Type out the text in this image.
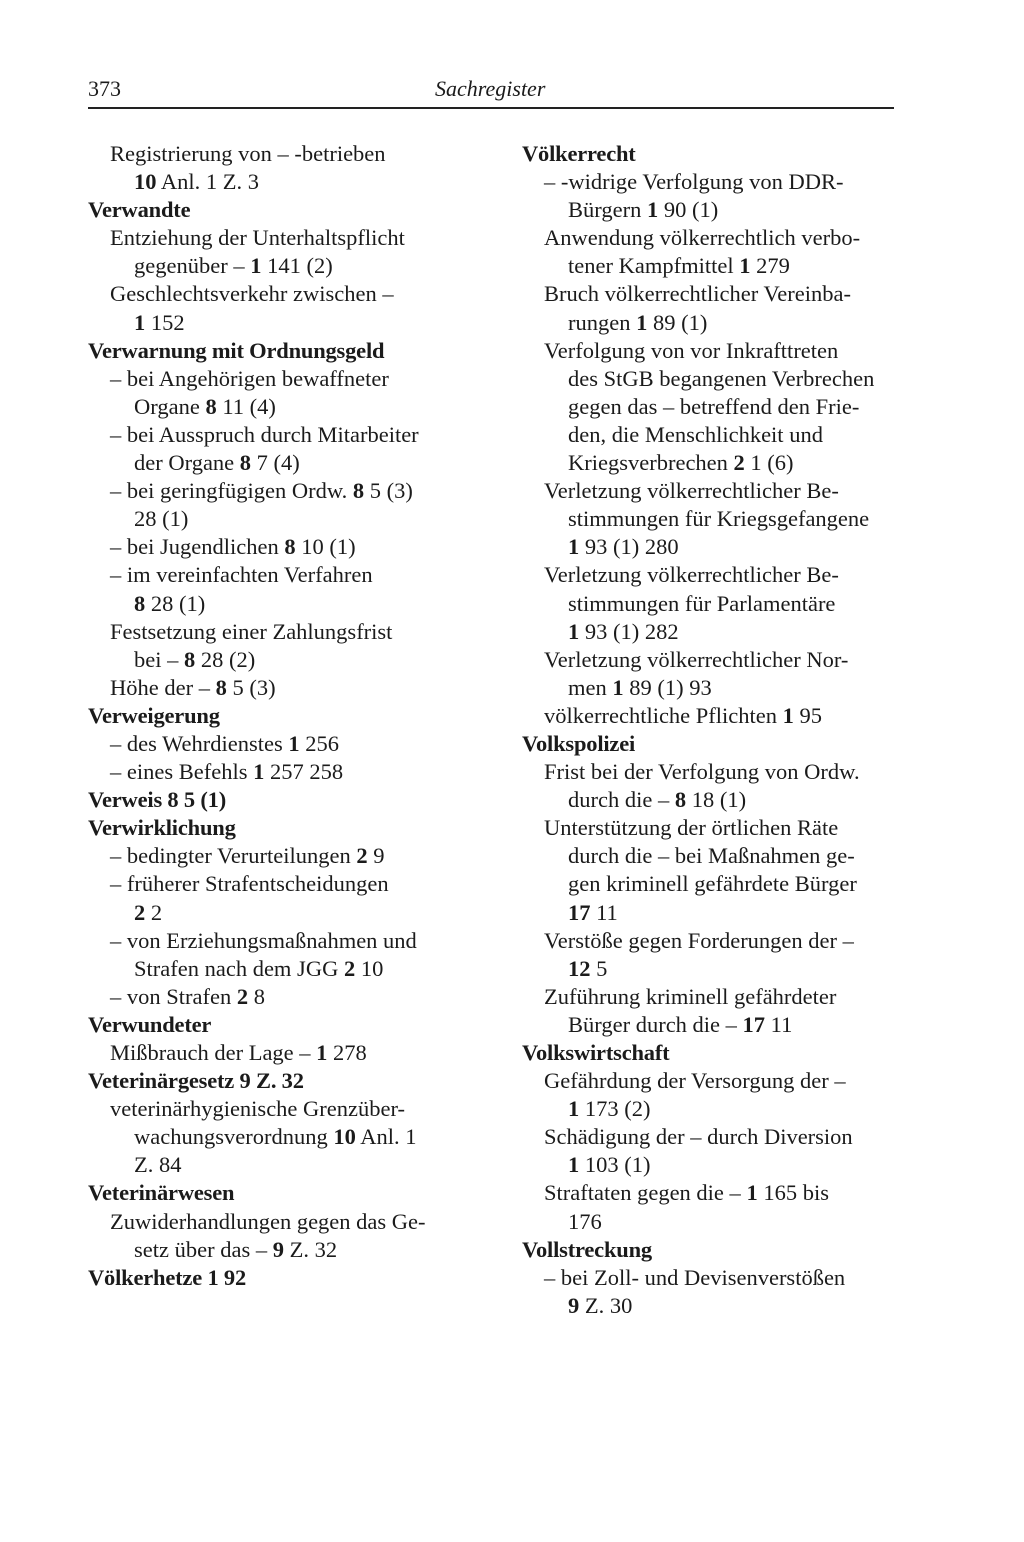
373	Sachregister
Registrierung von – -betrieben
10 Anl. 1 Z. 3
Verwandte
Entziehung der Unterhaltspflicht
gegenüber – 1 141 (2)
Geschlechtsverkehr zwischen –
1 152
Verwarnung mit Ordnungsgeld
– bei Angehörigen bewaffneter
Organe 8 11 (4)
– bei Ausspruch durch Mitarbeiter
der Organe 8 7 (4)
– bei geringfügigen Ordw. 8 5 (3)
28 (1)
– bei Jugendlichen 8 10 (1)
– im vereinfachten Verfahren
8 28 (1)
Festsetzung einer Zahlungsfrist
bei – 8 28 (2)
Höhe der – 8 5 (3)
Verweigerung
– des Wehrdienstes 1 256
– eines Befehls 1 257 258
Verweis 8 5 (1)
Verwirklichung
– bedingter Verurteilungen 2 9
– früherer Strafentscheidungen
2 2
– von Erziehungsmaßnahmen und
Strafen nach dem JGG 2 10
– von Strafen 2 8
Verwundeter
Mißbrauch der Lage – 1 278
Veterinärgesetz 9 Z. 32
veterinärhygienische Grenzüber-
wachungsverordnung 10 Anl. 1
Z. 84
Veterinärwesen
Zuwiderhandlungen gegen das Ge-
setz über das – 9 Z. 32
Völkerhetze 1 92
Völkerrecht
– -widrige Verfolgung von DDR-
Bürgern 1 90 (1)
Anwendung völkerrechtlich verbo-
tener Kampfmittel 1 279
Bruch völkerrechtlicher Vereinba-
rungen 1 89 (1)
Verfolgung von vor Inkrafttreten
des StGB begangenen Verbrechen
gegen das – betreffend den Frie-
den, die Menschlichkeit und
Kriegsverbrechen 2 1 (6)
Verletzung völkerrechtlicher Be-
stimmungen für Kriegsgefangene
1 93 (1) 280
Verletzung völkerrechtlicher Be-
stimmungen für Parlamentäre
1 93 (1) 282
Verletzung völkerrechtlicher Nor-
men 1 89 (1) 93
völkerrechtliche Pflichten 1 95
Volkspolizei
Frist bei der Verfolgung von Ordw.
durch die – 8 18 (1)
Unterstützung der örtlichen Räte
durch die – bei Maßnahmen ge-
gen kriminell gefährdete Bürger
17 11
Verstöße gegen Forderungen der –
12 5
Zuführung kriminell gefährdeter
Bürger durch die – 17 11
Volkswirtschaft
Gefährdung der Versorgung der –
1 173 (2)
Schädigung der – durch Diversion
1 103 (1)
Straftaten gegen die – 1 165 bis
176
Vollstreckung
– bei Zoll- und Devisenverstößen
9 Z. 30
